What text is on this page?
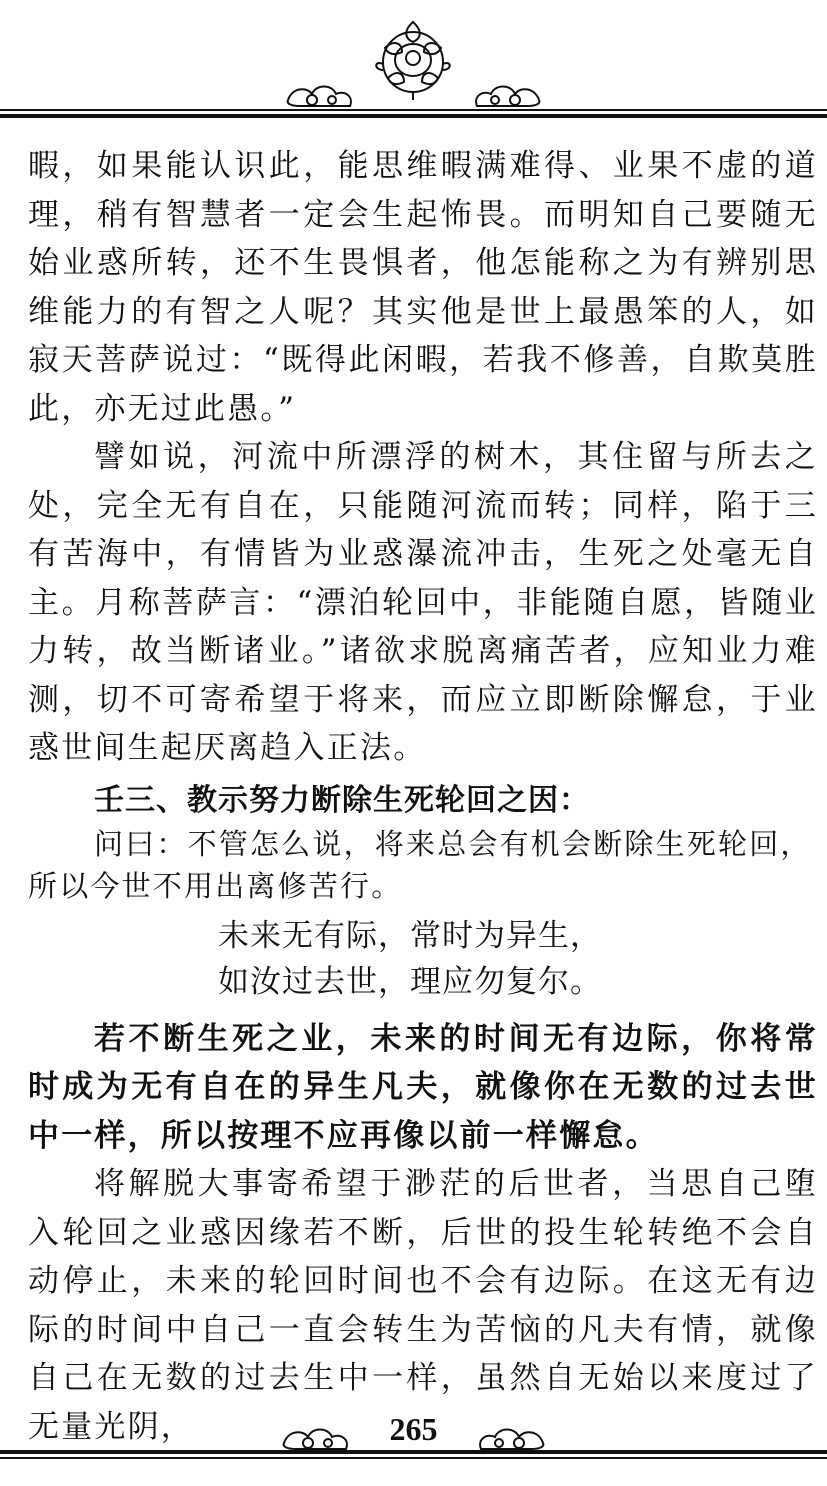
暇，如果能认识此，能思维暇满难得、业果不虚的道理，稍有智慧者一定会生起怖畏。而明知自己要随无始业惑所转，还不生畏惧者，他怎能称之为有辨别思维能力的有智之人呢？其实他是世上最愚笨的人，如寂天菩萨说过：“既得此闲暇，若我不修善，自欺莫胜此，亦无过此愚。”

譬如说，河流中所漂浮的树木，其住留与所去之处，完全无有自在，只能随河流而转；同样，陷于三有苦海中，有情皆为业惑瀑流冲击，生死之处毫无自主。月称菩萨言：“漂泊轮回中，非能随自愿，皆随业力转，故当断诸业。”诸欲求脱离痛苦者，应知业力难测，切不可寄希望于将来，而应立即断除懈怠，于业惑世间生起厌离趋入正法。

壬三、教示努力断除生死轮回之因：

问曰：不管怎么说，将来总会有机会断除生死轮回，所以今世不用出离修苦行。

未来无有际，常时为异生，
如汝过去世，理应勿复尔。

若不断生死之业，未来的时间无有边际，你将常时成为无有自在的异生凡夫，就像你在无数的过去世中一样，所以按理不应再像以前一样懈怠。

将解脱大事寄希望于渺茫的后世者，当思自己堕入轮回之业惑因缘若不断，后世的投生轮转绝不会自动停止，未来的轮回时间也不会有边际。在这无有边际的时间中自己一直会转生为苦恼的凡夫有情，就像自己在无数的过去生中一样，虽然自无始以来度过了无量光阴，	265
